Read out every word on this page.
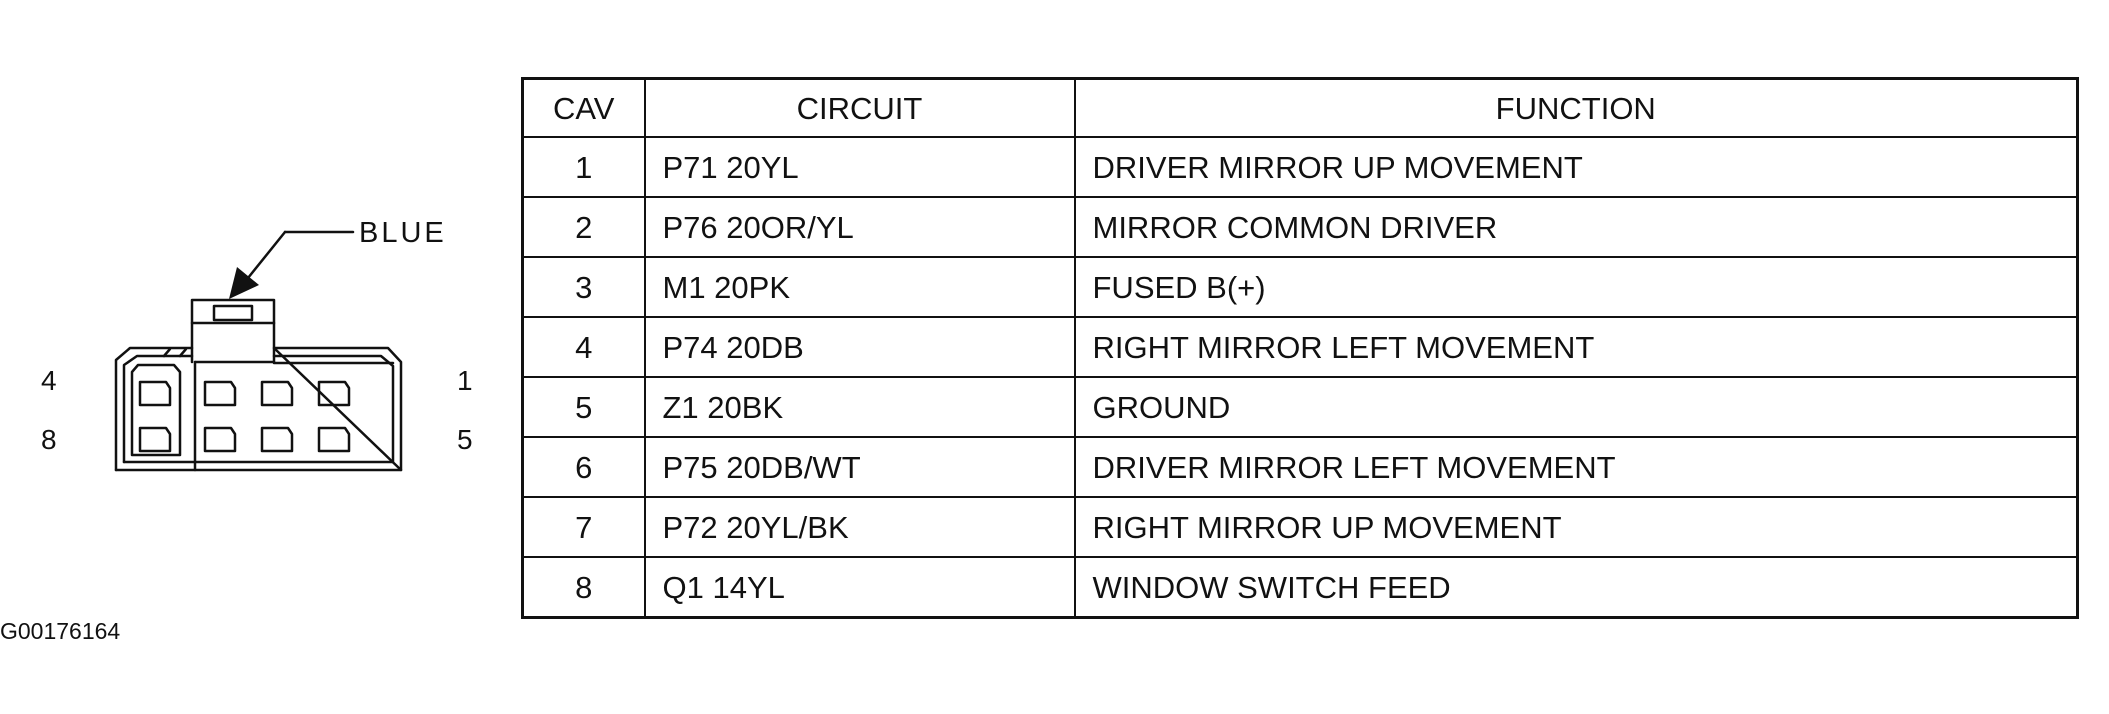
BLUE
4
8
1
5
CAV	CIRCUIT	FUNCTION
1	P71 20YL	DRIVER MIRROR UP MOVEMENT
2	P76 20OR/YL	MIRROR COMMON DRIVER
3	M1 20PK	FUSED B(+)
4	P74 20DB	RIGHT MIRROR LEFT MOVEMENT
5	Z1 20BK	GROUND
6	P75 20DB/WT	DRIVER MIRROR LEFT MOVEMENT
7	P72 20YL/BK	RIGHT MIRROR UP MOVEMENT
8	Q1 14YL	WINDOW SWITCH FEED
G00176164
